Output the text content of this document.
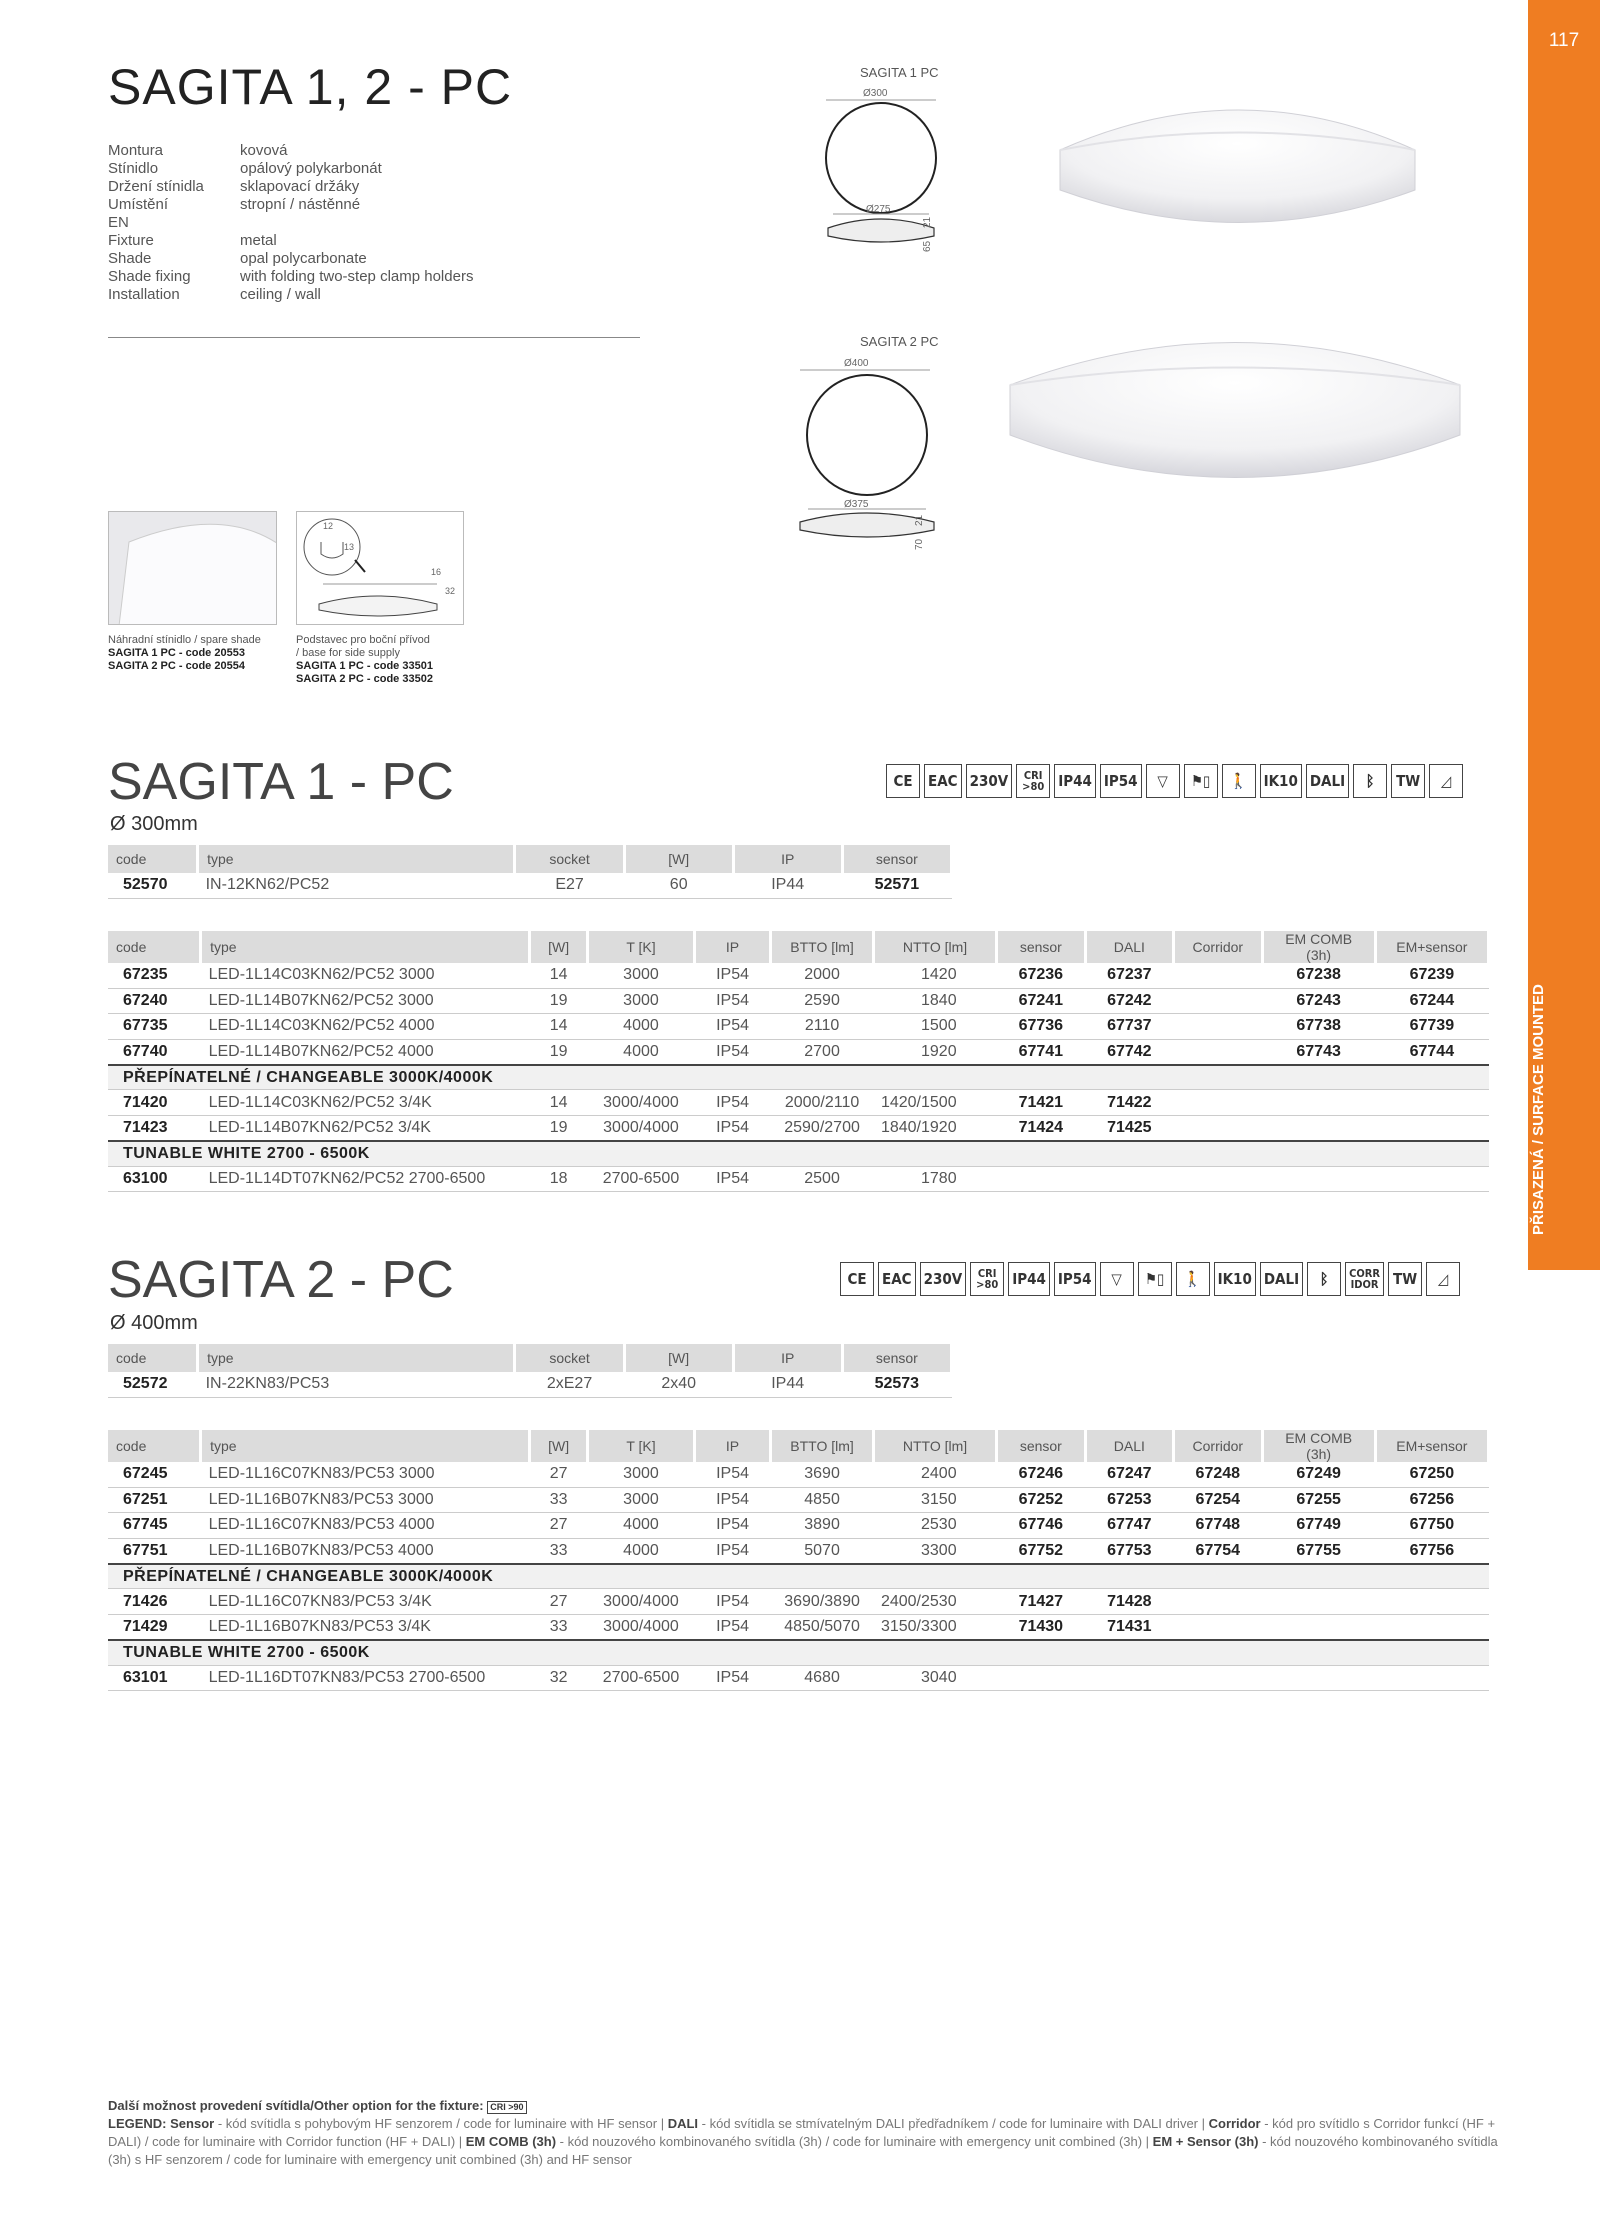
117
PC, PMMA, PE PŘISAZENÁ / SURFACE MOUNTED
SAGITA 1, 2 - PC
Montura	kovová
Stínidlo	opálový polykarbonát
Držení stínidla	sklapovací držáky
Umístění	stropní / nástěnné
EN
Fixture	metal
Shade	opal polycarbonate
Shade fixing	with folding two-step clamp holders
Installation	ceiling / wall
SAGITA 1 PC
Ø300
Ø275
65
21
SAGITA 2 PC
Ø400
Ø375
70
21
Náhradní stínidlo / spare shade
SAGITA 1 PC - code 20553
SAGITA 2 PC - code 20554
12
13
16
32
Podstavec pro boční přívod
/ base for side supply
SAGITA 1 PC - code 33501
SAGITA 2 PC - code 33502
SAGITA 1 - PC
Ø 300mm
CE	EAC 230V	CRI
>80 IP44 IP54	▽	⚑▯	🚶	IK10 DALI	ᛒ	TW	◿
code	type	socket	[W]	IP	sensor
52570	IN-12KN62/PC52	E27	60	IP44	52571
code	type	[W]	T [K]	IP	BTTO [lm]	NTTO [lm]	sensor	DALI	Corridor	EM COMB (3h)	EM+sensor
67235	LED-1L14C03KN62/PC52 3000	14	3000	IP54	2000	1420	67236	67237		67238	67239
67240	LED-1L14B07KN62/PC52 3000	19	3000	IP54	2590	1840	67241	67242		67243	67244
67735	LED-1L14C03KN62/PC52 4000	14	4000	IP54	2110	1500	67736	67737		67738	67739
67740	LED-1L14B07KN62/PC52 4000	19	4000	IP54	2700	1920	67741	67742		67743	67744
PŘEPÍNATELNÉ / CHANGEABLE 3000K/4000K											
71420	LED-1L14C03KN62/PC52 3/4K	14	3000/4000	IP54	2000/2110	1420/1500	71421	71422			
71423	LED-1L14B07KN62/PC52 3/4K	19	3000/4000	IP54	2590/2700	1840/1920	71424	71425			
TUNABLE WHITE 2700 - 6500K											
63100	LED-1L14DT07KN62/PC52 2700-6500	18	2700-6500	IP54	2500	1780					
SAGITA 2 - PC
Ø 400mm
CE	EAC 230V	CRI
>80 IP44 IP54	▽	⚑▯	🚶	IK10 DALI	ᛒ	CORR
IDOR TW	◿
code	type	socket	[W]	IP	sensor
52572	IN-22KN83/PC53	2xE27	2x40	IP44	52573
code	type	[W]	T [K]	IP	BTTO [lm]	NTTO [lm]	sensor	DALI	Corridor	EM COMB (3h)	EM+sensor
67245	LED-1L16C07KN83/PC53 3000	27	3000	IP54	3690	2400	67246	67247	67248	67249	67250
67251	LED-1L16B07KN83/PC53 3000	33	3000	IP54	4850	3150	67252	67253	67254	67255	67256
67745	LED-1L16C07KN83/PC53 4000	27	4000	IP54	3890	2530	67746	67747	67748	67749	67750
67751	LED-1L16B07KN83/PC53 4000	33	4000	IP54	5070	3300	67752	67753	67754	67755	67756
PŘEPÍNATELNÉ / CHANGEABLE 3000K/4000K											
71426	LED-1L16C07KN83/PC53 3/4K	27	3000/4000	IP54	3690/3890	2400/2530	71427	71428			
71429	LED-1L16B07KN83/PC53 3/4K	33	3000/4000	IP54	4850/5070	3150/3300	71430	71431			
TUNABLE WHITE 2700 - 6500K											
63101	LED-1L16DT07KN83/PC53 2700-6500	32	2700-6500	IP54	4680	3040					
Další možnost provedení svítidla/Other option for the fixture: CRI >90
LEGEND: Sensor - kód svítidla s pohybovým HF senzorem / code for luminaire with HF sensor | DALI - kód svítidla se stmívatelným DALI předřadníkem / code for luminaire with DALI driver | Corridor - kód pro svítidlo s Corridor funkcí (HF + DALI) / code for luminaire with Corridor function (HF + DALI) | EM COMB (3h) - kód nouzového kombinovaného svítidla (3h) / code for luminaire with emergency unit combined (3h) | EM + Sensor (3h) - kód nouzového kombinovaného svítidla (3h) s HF senzorem / code for luminaire with emergency unit combined (3h) and HF sensor
